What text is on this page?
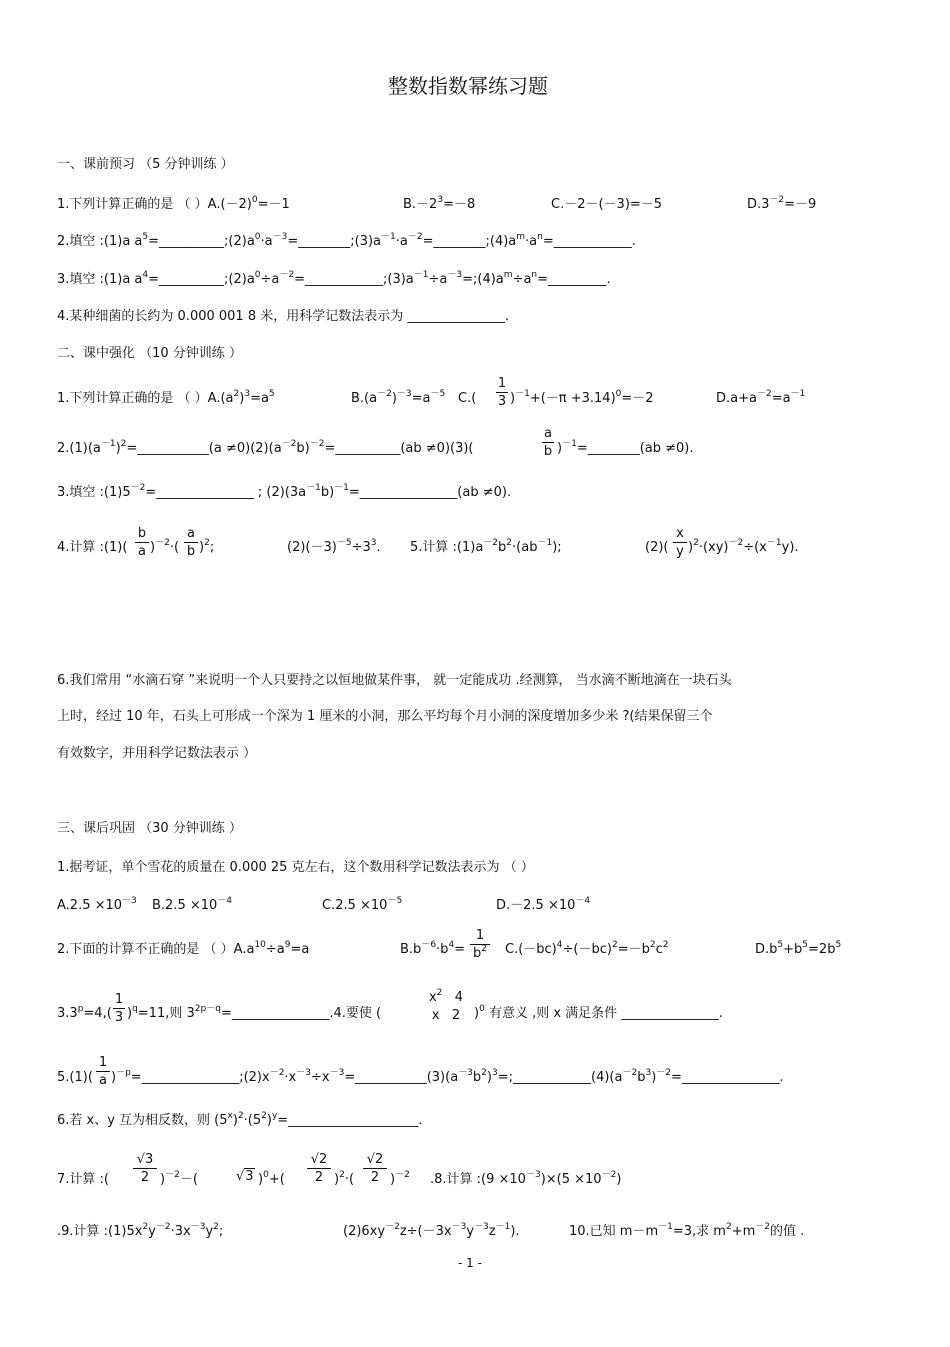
整数指数幂练习题
一、课前预习 （5 分钟训练 ）
1.下列计算正确的是 （ ）$A.(-2)^0=-1$	$B.-2^3=-8$	C.－2－(－3)=－5	$D.3^{-2}=-9$
2.填空 :(1)a $a^5=\_\_\_\_\_\_\_\_\_\_;(2)a^0\cdot a^{-3}=\_\_\_\_\_\_\_\_;(3)a^{-1}\cdot a^{-2}=\_\_\_\_\_\_\_\_;(4)a^m\cdot a^n=\_\_\_\_\_\_\_\_\_\_\_\_$.
3.填空 :(1)a $a^4=\_\_\_\_\_\_\_\_\_\_;(2)a^0\div a^{-2}=\_\_\_\_\_\_\_\_\_\_\_\_;(3)a^{-1}\div a^{-3}=;(4)a^m\div a^n=\_\_\_\_\_\_\_\_\_$.
4.某种细菌的长约为 0.000 001 8 米，用科学记数法表示为 _______________.
二、课中强化 （10 分钟训练 ）
1.下列计算正确的是 （ ）$A.(a^2)^3=a^5$	$B.(a^{-2})^{-3}=a^{-5}$ C.(
1
3 )$^{-1}+(-\pi +3.14)^0=-2$	$D.a+a^{-2}=a^{-1}$
$2.(1)(a^{-1})^2=\_\_\_\_\_\_\_\_\_\_\_(a$ $\ne 0)(2)(a^{-2}b)^{-2}=\_\_\_\_\_\_\_\_\_\_(ab \ne 0)(3)$(
a
b )$^{-1}$=________(ab ≠0).
3.填空 $:(1)5^{-2}=\_\_\_\_\_\_\_\_\_\_\_\_\_\_\_$ ; $(2)(3a^{-1}b)^{-1}=\_\_\_\_\_\_\_\_\_\_\_\_\_\_\_(ab \ne 0)$.
4.计算 :(1)(
b
a )$^{-2}$·(
a
b )$^2$;	$(2)(-3)^{-5}\div 3^3$. 5.计算 $:(1)a^{-2}b^2\cdot(ab^{-1})$;	(2)(
x
y )$^2\cdot(xy)^{-2}\div(x^{-1}y)$.
6.我们常用 “水滴石穿 ”来说明一个人只要持之以恒地做某件事， 就一定能成功 .经测算， 当水滴不断地滴在一块石头
上时，经过 10 年，石头上可形成一个深为 1 厘米的小洞，那么平均每个月小洞的深度增加多少米 ?(结果保留三个
有效数字，并用科学记数法表示 ）
三、课后巩固 （30 分钟训练 ）
1.据考证，单个雪花的质量在 0.000 25 克左右，这个数用科学记数法表示为 （ ）
$A.2.5 \times 10^{-3}$ $B.2.5 \times 10^{-4}$	$C.2.5 \times 10^{-5}$	$D.-2.5 \times 10^{-4}$
2.下面的计算不正确的是 （ ）$A.a^{10}\div a^9=a$	$B.b^{-6}\cdot b^4=$
1
$b^2$ $C.(-bc)^4\div(-bc)^2=-b^2c^2$	$D.b^5+b^5=2b^5$
$3.3^p=4$,(
1
3 )$^q$=11,则 $3^{2p-q}=\_\_\_\_\_\_\_\_\_\_\_\_\_\_\_.4$.要使 (
$x^2$ 4
x 2	)$^0$ 有意义 ,则 x 满足条件 _______________.
5.(1)(
1
a )$^{-p}=\_\_\_\_\_\_\_\_\_\_\_\_\_\_\_;(2)x^{-2}\cdot x^{-3}\div x^{-3}=\_\_\_\_\_\_\_\_\_\_\_(3)(a^{-3}b^2)^3=;\_\_\_\_\_\_\_\_\_\_\_\_(4)(a^{-2}b^3)^{-2}=\_\_\_\_\_\_\_\_\_\_\_\_\_\_\_$.
6.若 x、y 互为相反数，则 $(5^x)^2\cdot(5^2)^y=\_\_\_\_\_\_\_\_\_\_\_\_\_\_\_\_\_\_\_\_$.
7.计算 :(
√3
2 )$^{-2}$－(	√3 )$^0$+(
√2
2 )$^2$·(
√2
2 )$^{-2}$ .8.计算 :(9 $\times 10^{-3})\times(5 \times 10^{-2})$
.9.计算 $:(1)5x^2y^{-2}\cdot 3x^{-3}y^2$;	$(2)6xy^{-2}z\div(-3x^{-3}y^{-3}z^{-1})$.	10.已知 $m-m^{-1}=3$,求 $m^2+m^{-2}$的值 .
- 1 -
